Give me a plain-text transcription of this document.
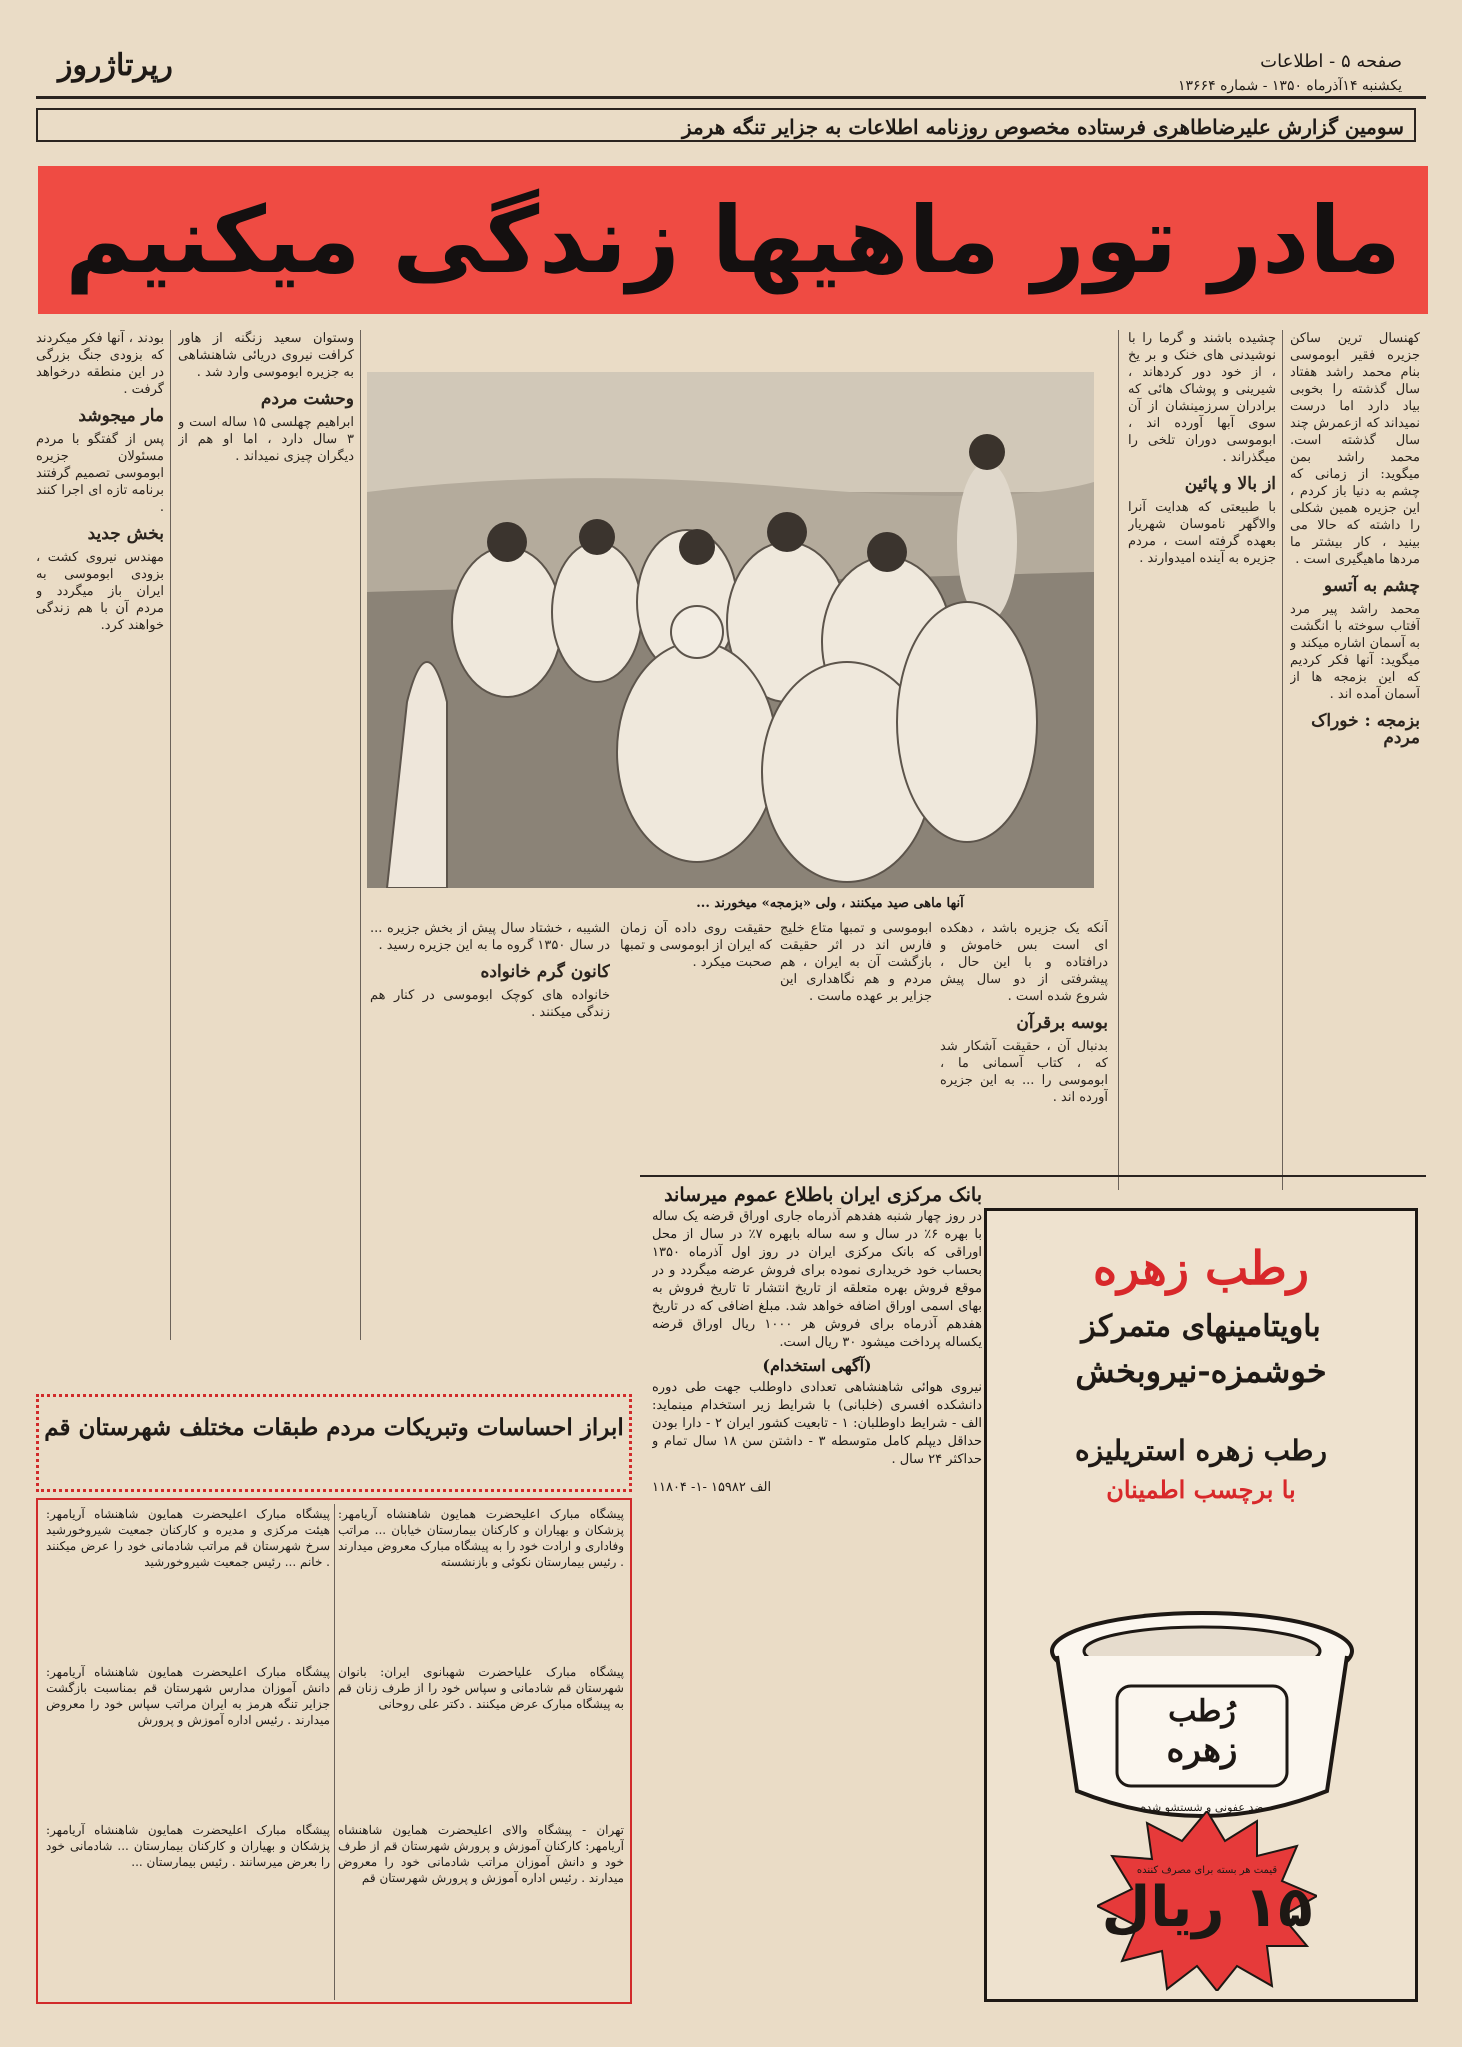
رپرتاژروز	صفحه ۵ - اطلاعات
یکشنبه ۱۴آذرماه ۱۳۵۰ - شماره ۱۳۶۶۴
سومین گزارش علیرضاطاهری فرستاده مخصوص روزنامه اطلاعات به جزایر تنگه هرمز
مادر تور ماهیها زندگی میکنیم
کهنسال ترین ساکن جزیره فقیر ابوموسی بنام محمد راشد هفتاد سال گذشته را بخوبی بیاد دارد اما درست نمیداند که ازعمرش چند سال گذشته است. محمد راشد بمن میگوید: از زمانی که چشم به دنیا باز کردم ، این جزیره همین شکلی را داشته که حالا می بینید ، کار بیشتر ما مردها ماهیگیری است .
چشم به آتسو
محمد راشد پیر مرد آفتاب سوخته با انگشت به آسمان اشاره میکند و میگوید: آنها فکر کردیم که این بزمجه ها از آسمان آمده اند .
بزمجه : خوراک مردم
چشیده باشند و گرما را با نوشیدنی های خنک و بر یخ ، از خود دور کردهاند ، شیرینی و پوشاک هائی که برادران سرزمینشان از آن سوی آبها آورده اند ، ابوموسی دوران تلخی را میگذراند .
از بالا و پائین
با طبیعتی که هدایت آنرا والاگهر ناموسان شهریار بعهده گرفته است ، مردم جزیره به آینده امیدوارند .
آنها ماهی صید میکنند ، ولی «بزمجه» میخورند ...
وستوان سعید زنگنه از هاور کرافت نیروی دریائی شاهنشاهی به جزیره ابوموسی وارد شد .
وحشت مردم
ابراهیم چهلسی ۱۵ ساله است و ۳ سال دارد ، اما او هم از دیگران چیزی نمیداند .
بودند ، آنها فکر میکردند که بزودی جنگ بزرگی در این منطقه درخواهد گرفت .
مار میجوشد
پس از گفتگو با مردم مسئولان جزیره ابوموسی تصمیم گرفتند برنامه تازه ای اجرا کنند .
بخش جدید
مهندس نیروی کشت ، بزودی ابوموسی به ایران باز میگردد و مردم آن با هم زندگی خواهند کرد.
آنکه یک جزیره باشد ، دهکده ای است بس خاموش و درافتاده و با این حال ، پیشرفتی از دو سال پیش شروع شده است .
بوسه برقرآن
بدنبال آن ، حقیقت آشکار شد که ، کتاب آسمانی ما ، ابوموسی را ... به این جزیره آورده اند .
ابوموسی و تمبها متاع خلیج فارس اند در اثر حقیقت بازگشت آن به ایران ، هم مردم و هم نگاهداری این جزایر بر عهده ماست .
حقیقت روی داده آن زمان که ایران از ابوموسی و تمبها صحبت میکرد .
الشیبه ، خشتاد سال پیش از بخش جزیره ... در سال ۱۳۵۰ گروه ما به این جزیره رسید .
کانون گرم خانواده
خانواده های کوچک ابوموسی در کنار هم زندگی میکنند .
بانک مرکزی ایران باطلاع عموم میرساند
در روز چهار شنبه هفدهم آذرماه جاری اوراق قرضه یک ساله با بهره ۶٪ در سال و سه ساله بابهره ۷٪ در سال از محل اوراقی که بانک مرکزی ایران در روز اول آذرماه ۱۳۵۰ بحساب خود خریداری نموده برای فروش عرضه میگردد و در موقع فروش بهره متعلقه از تاریخ انتشار تا تاریخ فروش به بهای اسمی اوراق اضافه خواهد شد. مبلغ اضافی که در تاریخ هفدهم آذرماه برای فروش هر ۱۰۰۰ ریال اوراق قرضه یکساله پرداخت میشود ۳۰ ریال است.
(آگهی استخدام)
نیروی هوائی شاهنشاهی تعدادی داوطلب جهت طی دوره دانشکده افسری (خلبانی) با شرایط زیر استخدام مینماید: الف - شرایط داوطلبان: ۱ - تابعیت کشور ایران ۲ - دارا بودن حداقل دیپلم کامل متوسطه ۳ - داشتن سن ۱۸ سال تمام و حداکثر ۲۴ سال .
الف ۱۵۹۸۲ -۱- ۱۱۸۰۴
رطب زهره
باویتامینهای متمرکز
خوشمزه-نیروبخش
رطب زهره استریلیزه
با برچسب اطمینان
رُطب
زهره
ضد عفونی و شستشو شده
۱۵ ریال
قیمت هر بسته برای مصرف کننده
ابراز احساسات وتبریکات مردم طبقات مختلف شهرستان قم
پیشگاه مبارک اعلیحضرت همایون شاهنشاه آریامهر: پزشکان و بهیاران و کارکنان بیمارستان خیابان ... مراتب وفاداری و ارادت خود را به پیشگاه مبارک معروض میدارند . رئیس بیمارستان نکوئی و بازنشسته
پیشگاه مبارک علیاحضرت شهبانوی ایران: بانوان شهرستان قم شادمانی و سپاس خود را از طرف زنان قم به پیشگاه مبارک عرض میکنند . دکتر علی روحانی
تهران - پیشگاه والای اعلیحضرت همایون شاهنشاه آریامهر: کارکنان آموزش و پرورش شهرستان قم از طرف خود و دانش آموزان مراتب شادمانی خود را معروض میدارند . رئیس اداره آموزش و پرورش شهرستان قم
پیشگاه مبارک اعلیحضرت همایون شاهنشاه آریامهر: هیئت مرکزی و مدیره و کارکنان جمعیت شیروخورشید سرخ شهرستان قم مراتب شادمانی خود را عرض میکنند . خانم ... رئیس جمعیت شیروخورشید
پیشگاه مبارک اعلیحضرت همایون شاهنشاه آریامهر: دانش آموزان مدارس شهرستان قم بمناسبت بازگشت جزایر تنگه هرمز به ایران مراتب سپاس خود را معروض میدارند . رئیس اداره آموزش و پرورش
پیشگاه مبارک اعلیحضرت همایون شاهنشاه آریامهر: پزشکان و بهیاران و کارکنان بیمارستان ... شادمانی خود را بعرض میرسانند . رئیس بیمارستان ...
